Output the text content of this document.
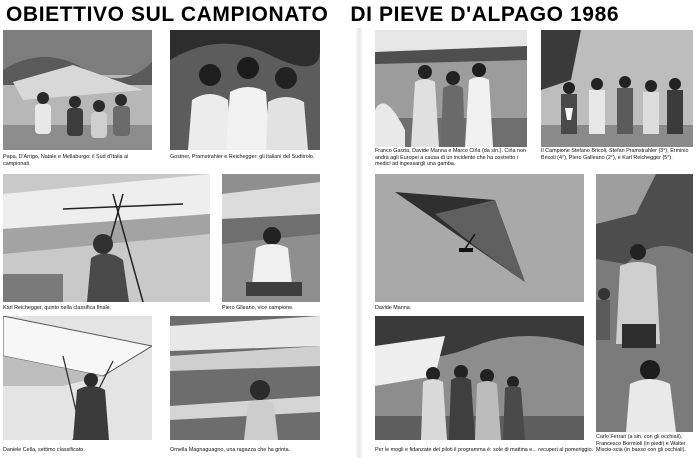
OBIETTIVO SUL CAMPIONATO DI PIEVE D'ALPAGO 1986
Papa, D'Arrigo, Natale e Mellaburgo: il Sud d'Italia ai campionati.
Gostner, Pramstrahler e Reichegger: gli italiani del Sudtirolo.
Karl Reichegger, quinto nella classifica finale.	Piero Glleano, vice campione.
Daniele Cella, settimo classificato.	Ornella Magnaguagno, una ragazza che ha grinta.
Franco Garzia, Davide Manna e Marco Cirla (da sin.). Cirla non andrà agli Europei a causa di un incidente che ha costretto i medici ad ingessargli una gamba.
Il Campione Stefano Bricoli, Stefan Pramstrahler (3°), Erminio Bricoli (4°), Piero Galleano (2°), e Karl Reichegger (5°).
Davide Manna.
Carlo Ferrari (a sin. con gli occhiali), Francesco Bormioli (in piedi) e Walter Miscio-scia (in basso con gli occhiali).
Per le mogli e fidanzate dei piloti il programma è: sole di mattina e... recuperi al pomeriggio.
